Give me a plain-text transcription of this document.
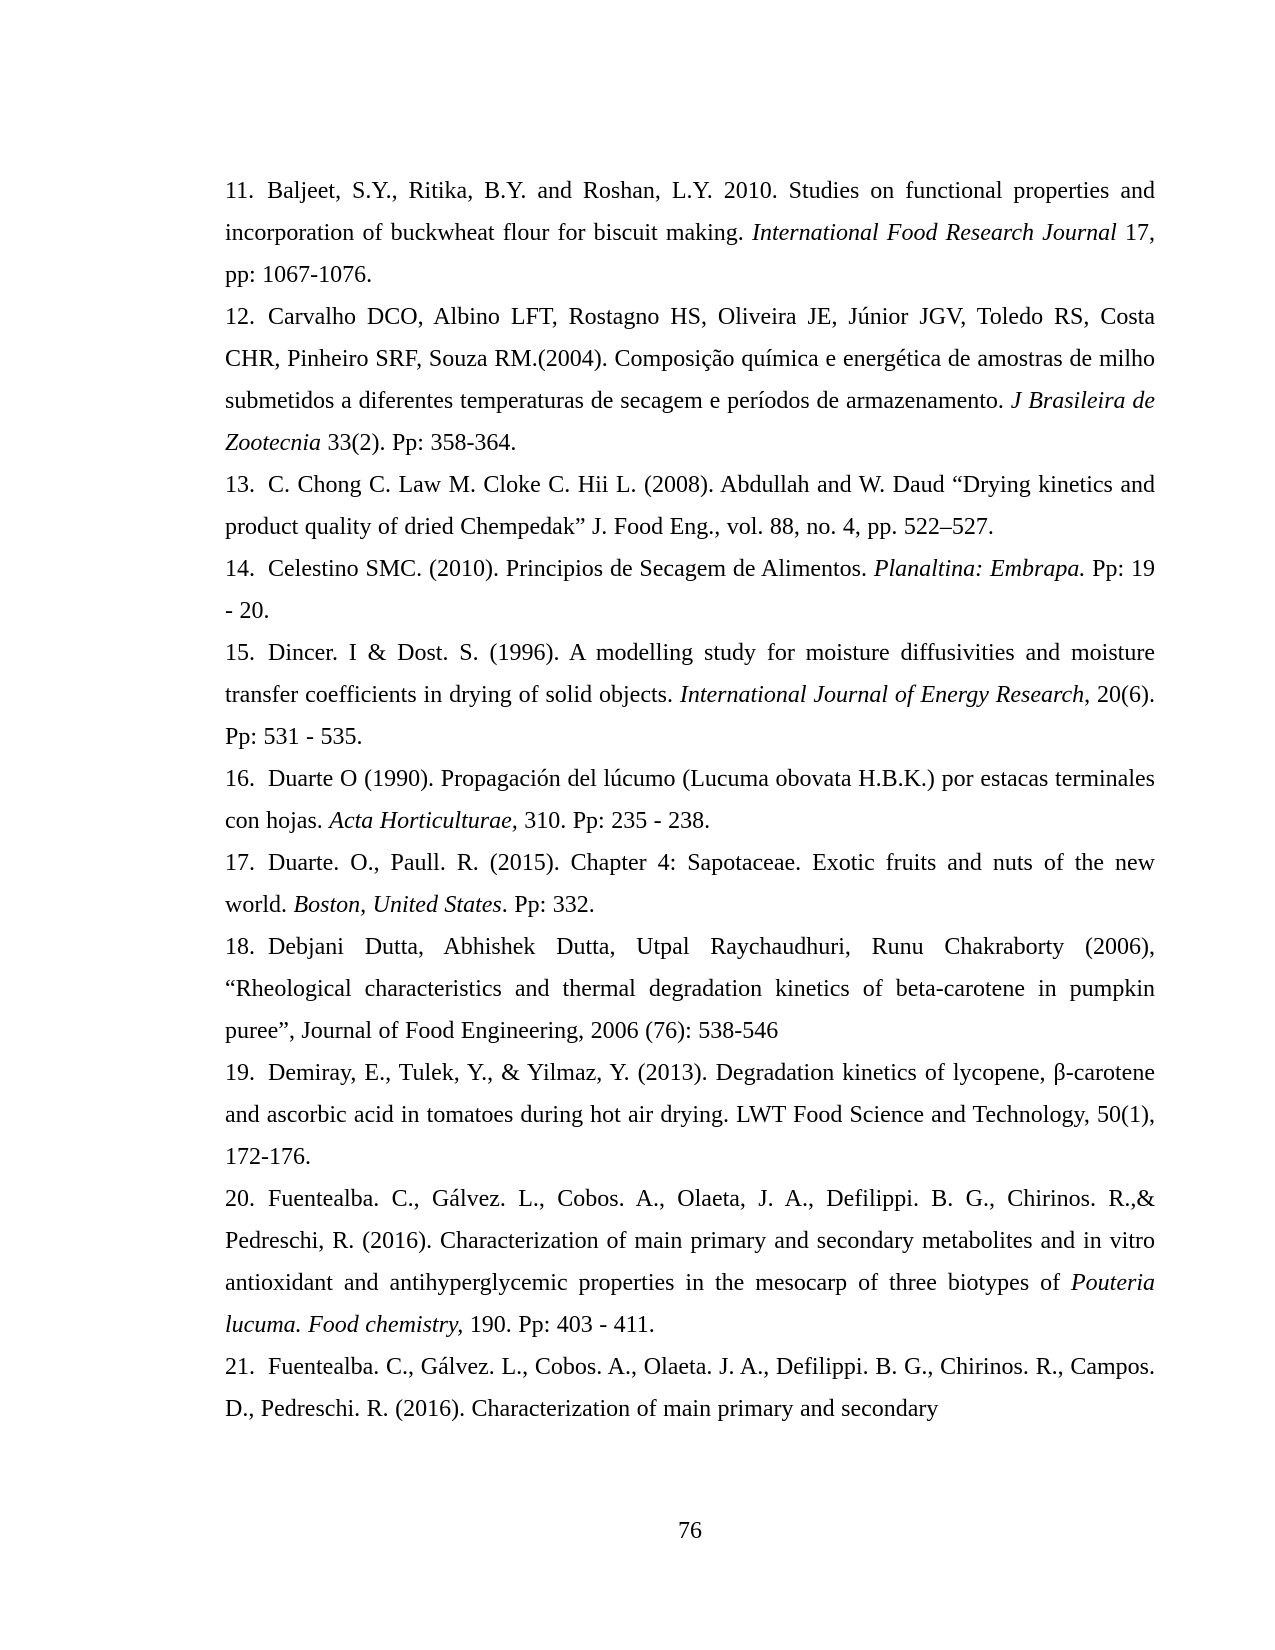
11. Baljeet, S.Y., Ritika, B.Y. and Roshan, L.Y. 2010. Studies on functional properties and incorporation of buckwheat flour for biscuit making. International Food Research Journal 17, pp: 1067-1076.

12. Carvalho DCO, Albino LFT, Rostagno HS, Oliveira JE, Júnior JGV, Toledo RS, Costa CHR, Pinheiro SRF, Souza RM.(2004). Composição química e energética de amostras de milho submetidos a diferentes temperaturas de secagem e períodos de armazenamento. J Brasileira de Zootecnia 33(2). Pp: 358-364.

13. C. Chong C. Law M. Cloke C. Hii L. (2008). Abdullah and W. Daud “Drying kinetics and product quality of dried Chempedak” J. Food Eng., vol. 88, no. 4, pp. 522–527.

14. Celestino SMC. (2010). Principios de Secagem de Alimentos. Planaltina: Embrapa. Pp: 19 - 20.

15. Dincer. I & Dost. S. (1996). A modelling study for moisture diffusivities and moisture transfer coefficients in drying of solid objects. International Journal of Energy Research, 20(6). Pp: 531 - 535.

16. Duarte O (1990). Propagación del lúcumo (Lucuma obovata H.B.K.) por estacas terminales con hojas. Acta Horticulturae, 310. Pp: 235 - 238.

17. Duarte. O., Paull. R. (2015). Chapter 4: Sapotaceae. Exotic fruits and nuts of the new world. Boston, United States. Pp: 332.

18. Debjani Dutta, Abhishek Dutta, Utpal Raychaudhuri, Runu Chakraborty (2006), “Rheological characteristics and thermal degradation kinetics of beta-carotene in pumpkin puree”, Journal of Food Engineering, 2006 (76): 538-546

19. Demiray, E., Tulek, Y., & Yilmaz, Y. (2013). Degradation kinetics of lycopene, β-carotene and ascorbic acid in tomatoes during hot air drying. LWT Food Science and Technology, 50(1), 172-176.

20. Fuentealba. C., Gálvez. L., Cobos. A., Olaeta, J. A., Defilippi. B. G., Chirinos. R.,& Pedreschi, R. (2016). Characterization of main primary and secondary metabolites and in vitro antioxidant and antihyperglycemic properties in the mesocarp of three biotypes of Pouteria lucuma. Food chemistry, 190. Pp: 403 - 411.

21. Fuentealba. C., Gálvez. L., Cobos. A., Olaeta. J. A., Defilippi. B. G., Chirinos. R., Campos. D., Pedreschi. R. (2016). Characterization of main primary and secondary

76
